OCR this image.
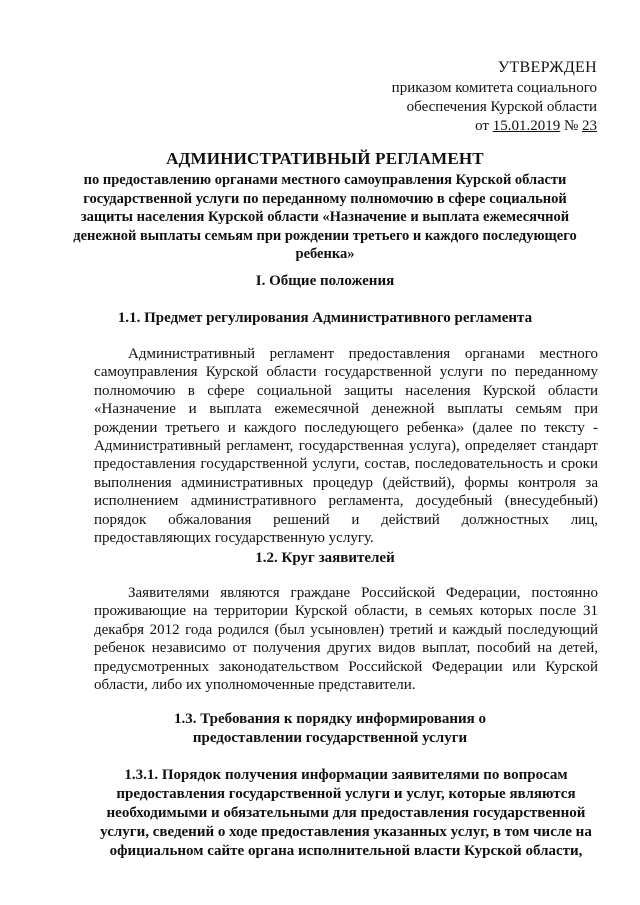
УТВЕРЖДЕН
приказом комитета социального
обеспечения Курской области
от 15.01.2019 № 23
АДМИНИСТРАТИВНЫЙ РЕГЛАМЕНТ
по предоставлению органами местного самоуправления Курской области государственной услуги по переданному полномочию в сфере социальной защиты населения Курской области «Назначение и выплата ежемесячной денежной выплаты семьям при рождении третьего и каждого последующего ребенка»
I. Общие положения
1.1. Предмет регулирования Административного регламента
Административный регламент предоставления органами местного самоуправления Курской области государственной услуги по переданному полномочию в сфере социальной защиты населения Курской области «Назначение и выплата ежемесячной денежной выплаты семьям при рождении третьего и каждого последующего ребенка» (далее по тексту - Административный регламент, государственная услуга), определяет стандарт предоставления государственной услуги, состав, последовательность и сроки выполнения административных процедур (действий), формы контроля за исполнением административного регламента, досудебный (внесудебный) порядок обжалования решений и действий должностных лиц, предоставляющих государственную услугу.
1.2. Круг заявителей
Заявителями являются граждане Российской Федерации, постоянно проживающие на территории Курской области, в семьях которых после 31 декабря 2012 года родился (был усыновлен) третий и каждый последующий ребенок независимо от получения других видов выплат, пособий на детей, предусмотренных законодательством Российской Федерации или Курской области, либо их уполномоченные представители.
1.3. Требования к порядку информирования о предоставлении государственной услуги
1.3.1. Порядок получения информации заявителями по вопросам предоставления государственной услуги и услуг, которые являются необходимыми и обязательными для предоставления государственной услуги, сведений о ходе предоставления указанных услуг, в том числе на официальном сайте органа исполнительной власти Курской области,
